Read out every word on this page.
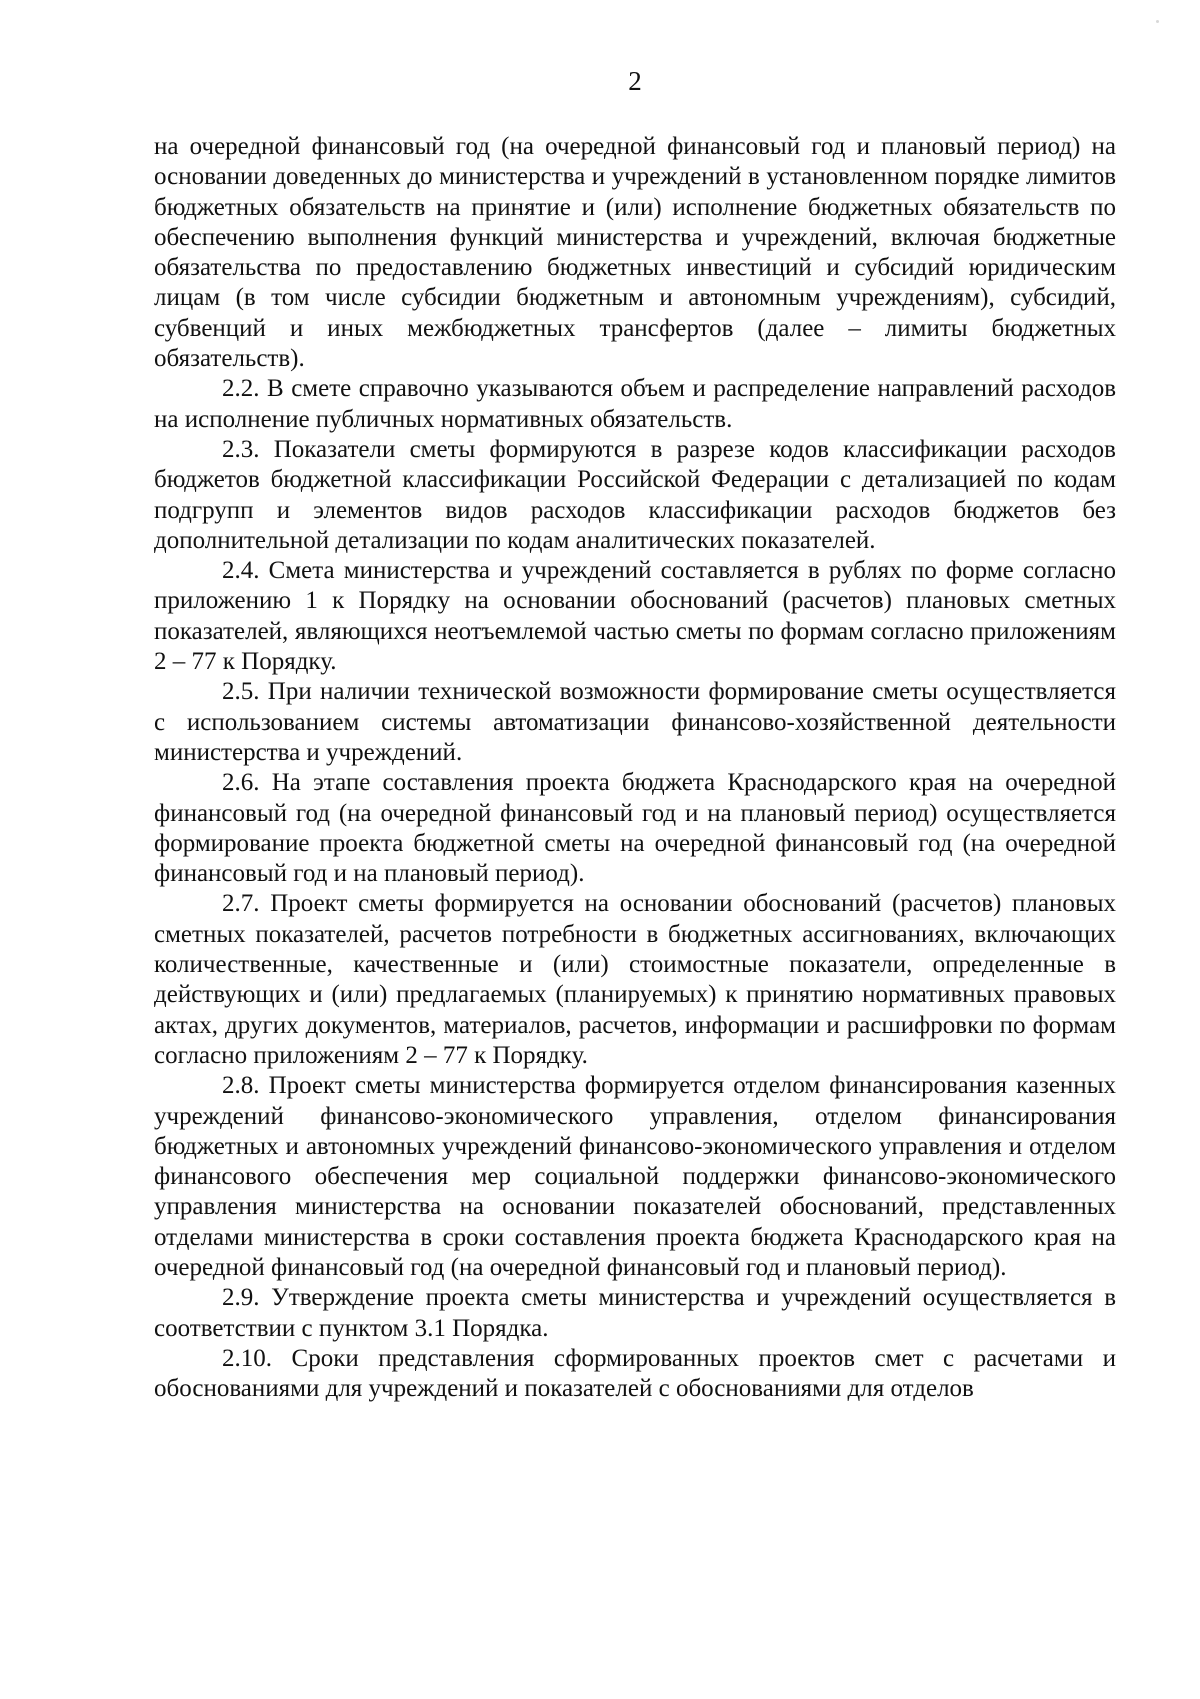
2

на очередной финансовый год (на очередной финансовый год и плановый период) на основании доведенных до министерства и учреждений в установленном порядке лимитов бюджетных обязательств на принятие и (или) исполнение бюджетных обязательств по обеспечению выполнения функций министерства и учреждений, включая бюджетные обязательства по предоставлению бюджетных инвестиций и субсидий юридическим лицам (в том числе субсидии бюджетным и автономным учреждениям), субсидий, субвенций и иных межбюджетных трансфертов (далее – лимиты бюджетных обязательств).

2.2. В смете справочно указываются объем и распределение направлений расходов на исполнение публичных нормативных обязательств.

2.3. Показатели сметы формируются в разрезе кодов классификации расходов бюджетов бюджетной классификации Российской Федерации с детализацией по кодам подгрупп и элементов видов расходов классификации расходов бюджетов без дополнительной детализации по кодам аналитических показателей.

2.4. Смета министерства и учреждений составляется в рублях по форме согласно приложению 1 к Порядку на основании обоснований (расчетов) плановых сметных показателей, являющихся неотъемлемой частью сметы по формам согласно приложениям 2 – 77 к Порядку.

2.5. При наличии технической возможности формирование сметы осуществляется с использованием системы автоматизации финансово-хозяйственной деятельности министерства и учреждений.

2.6. На этапе составления проекта бюджета Краснодарского края на очередной финансовый год (на очередной финансовый год и на плановый период) осуществляется формирование проекта бюджетной сметы на очередной финансовый год (на очередной финансовый год и на плановый период).

2.7. Проект сметы формируется на основании обоснований (расчетов) плановых сметных показателей, расчетов потребности в бюджетных ассигнованиях, включающих количественные, качественные и (или) стоимостные показатели, определенные в действующих и (или) предлагаемых (планируемых) к принятию нормативных правовых актах, других документов, материалов, расчетов, информации и расшифровки по формам согласно приложениям 2 – 77 к Порядку.

2.8. Проект сметы министерства формируется отделом финансирования казенных учреждений финансово-экономического управления, отделом финансирования бюджетных и автономных учреждений финансово-экономического управления и отделом финансового обеспечения мер социальной поддержки финансово-экономического управления министерства на основании показателей обоснований, представленных отделами министерства в сроки составления проекта бюджета Краснодарского края на очередной финансовый год (на очередной финансовый год и плановый период).

2.9. Утверждение проекта сметы министерства и учреждений осуществляется в соответствии с пунктом 3.1 Порядка.

2.10. Сроки представления сформированных проектов смет с расчетами и обоснованиями для учреждений и показателей с обоснованиями для отделов
